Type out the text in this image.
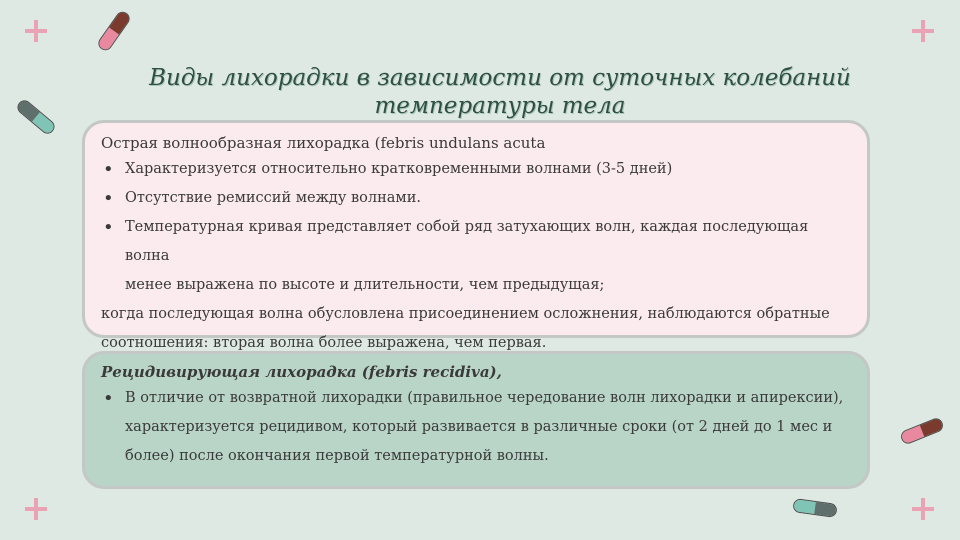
Виды лихорадки в зависимости от суточных колебаний температуры тела
Острая волнообразная лихорадка (febris undulans acuta
• Характеризуется относительно кратковременными волнами (3-5 дней)
• Отсутствие ремиссий между волнами.
• Температурная кривая представляет собой ряд затухающих волн, каждая последующая волна
менее выражена по высоте и длительности, чем предыдущая;

когда последующая волна обусловлена присоединением осложнения, наблюдаются обратные соотношения: вторая волна более выражена, чем первая.

Рецидивирующая лихорадка (febris recidiva),
• В отличие от возвратной лихорадки (правильное чередование волн лихорадки и апирексии),
характеризуется рецидивом, который развивается в различные сроки (от 2 дней до 1 мес и более) после окончания первой температурной волны.
